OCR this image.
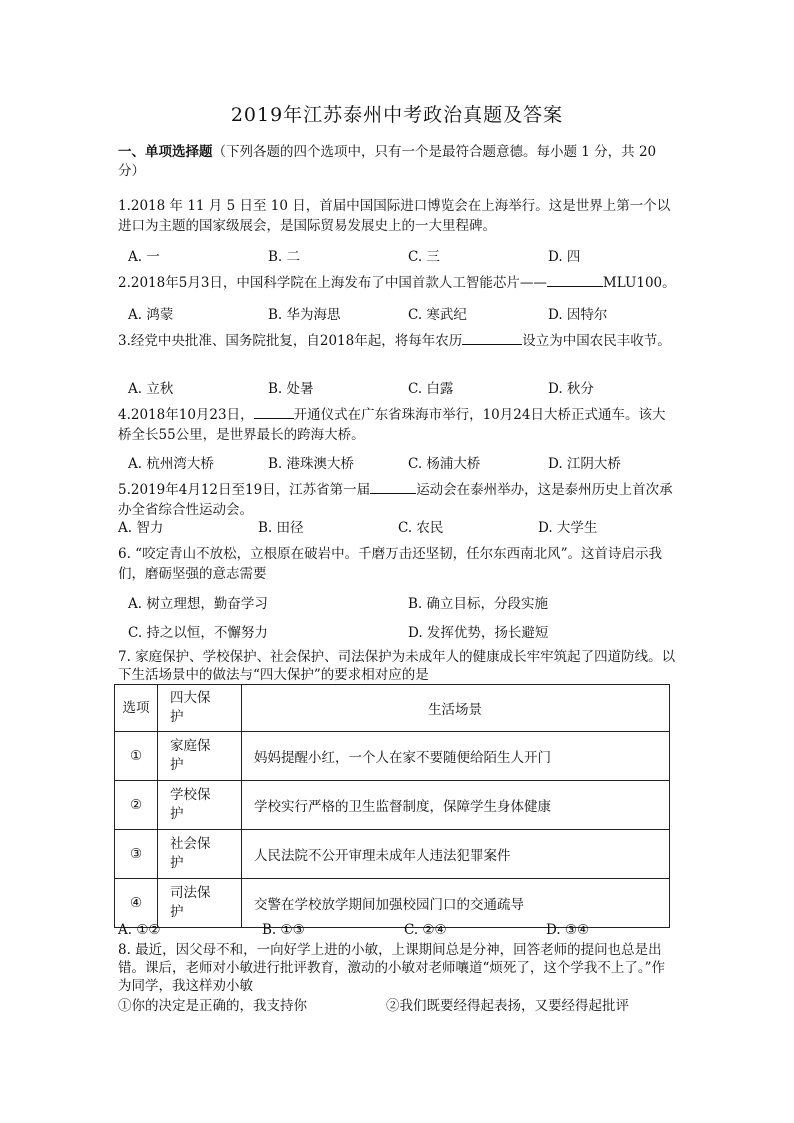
2019年江苏泰州中考政治真题及答案
一、单项选择题（下列各题的四个选项中，只有一个是最符合题意德。每小题 1 分，共 20 分）
1.2018 年 11 月 5 日至 10 日，首届中国国际进口博览会在上海举行。这是世界上第一个以进口为主题的国家级展会，是国际贸易发展史上的一大里程碑。
A. 一	B. 二	C. 三	D. 四
2.2018年5月3日，中国科学院在上海发布了中国首款人工智能芯片——	MLU100。
A. 鸿蒙	B. 华为海思	C. 寒武纪	D. 因特尔
3.经党中央批准、国务院批复，自2018年起，将每年农历	设立为中国农民丰收节。
A. 立秋	B. 处暑	C. 白露	D. 秋分
4.2018年10月23日，	开通仪式在广东省珠海市举行，10月24日大桥正式通车。该大桥全长55公里，是世界最长的跨海大桥。
A. 杭州湾大桥	B. 港珠澳大桥	C. 杨浦大桥	D. 江阴大桥
5.2019年4月12日至19日，江苏省第一届	运动会在泰州举办，这是泰州历史上首次承办全省综合性运动会。
A. 智力	B. 田径	C. 农民	D. 大学生
6. “咬定青山不放松，立根原在破岩中。千磨万击还坚韧，任尔东西南北风”。这首诗启示我们，磨砺坚强的意志需要
A. 树立理想，勤奋学习	B. 确立目标，分段实施
C. 持之以恒，不懈努力	D. 发挥优势，扬长避短
7. 家庭保护、学校保护、社会保护、司法保护为未成年人的健康成长牢牢筑起了四道防线。以下生活场景中的做法与“四大保护”的要求相对应的是
选项	四大保护	生活场景
①	家庭保护	妈妈提醒小红，一个人在家不要随便给陌生人开门
②	学校保护	学校实行严格的卫生监督制度，保障学生身体健康
③	社会保护	人民法院不公开审理未成年人违法犯罪案件
④	司法保护	交警在学校放学期间加强校园门口的交通疏导
A. ①②	B. ①③	C. ②④	D. ③④
8. 最近，因父母不和，一向好学上进的小敏，上课期间总是分神，回答老师的提问也总是出错。课后，老师对小敏进行批评教育，激动的小敏对老师嚷道“烦死了，这个学我不上了。”作为同学，我这样劝小敏
①你的决定是正确的，我支持你	②我们既要经得起表扬，又要经得起批评
